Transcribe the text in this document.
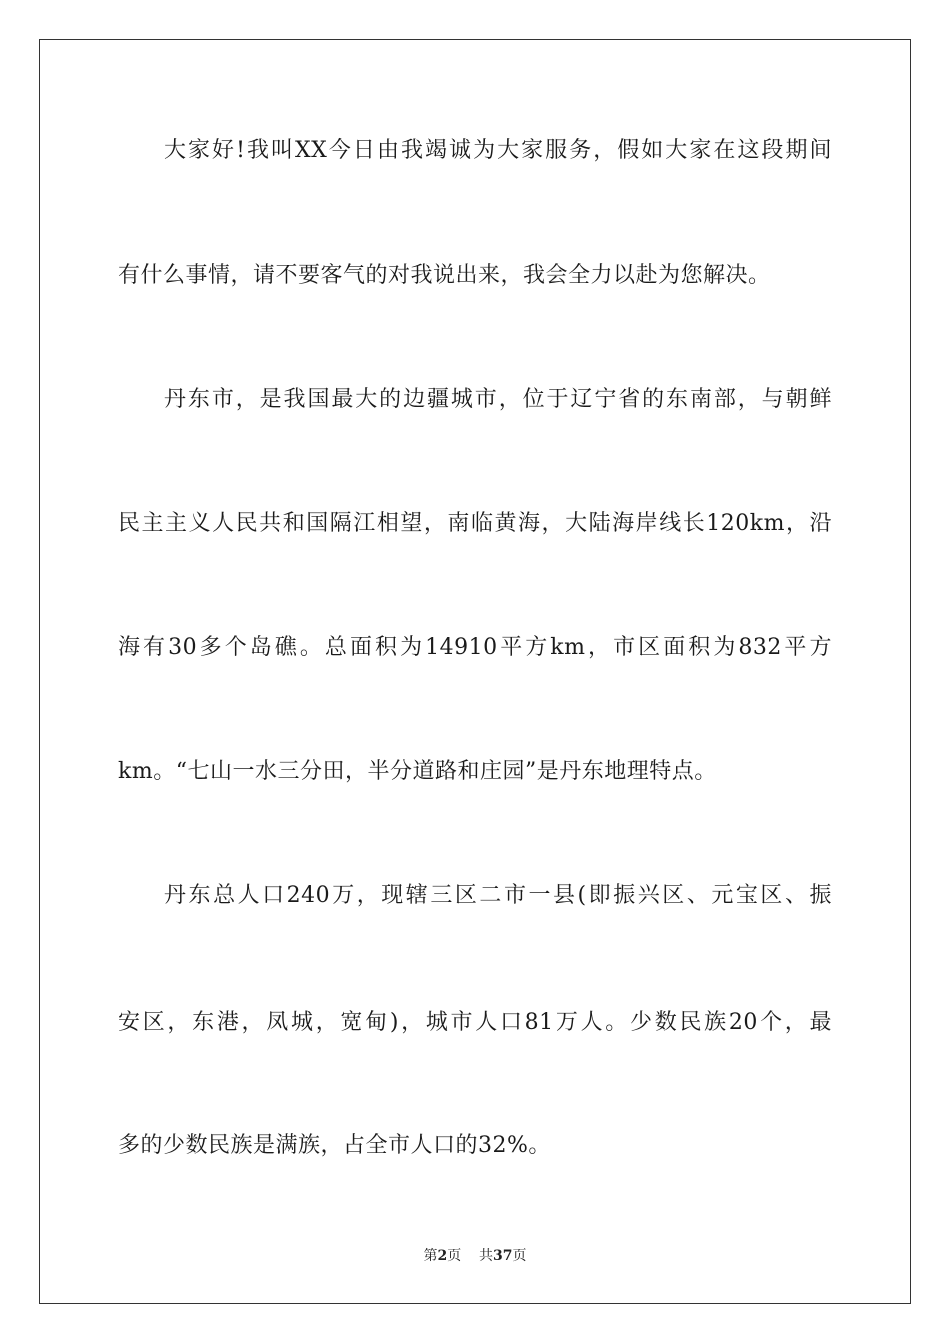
大家好!我叫XX今日由我竭诚为大家服务，假如大家在这段期间
有什么事情，请不要客气的对我说出来，我会全力以赴为您解决。
丹东市，是我国最大的边疆城市，位于辽宁省的东南部，与朝鲜
民主主义人民共和国隔江相望，南临黄海，大陆海岸线长120km，沿
海有30多个岛礁。总面积为14910平方km，市区面积为832平方
km。“七山一水三分田，半分道路和庄园”是丹东地理特点。
丹东总人口240万，现辖三区二市一县(即振兴区、元宝区、振
安区，东港，凤城，宽甸)，城市人口81万人。少数民族20个，最
多的少数民族是满族，占全市人口的32%。
第2页 共37页
